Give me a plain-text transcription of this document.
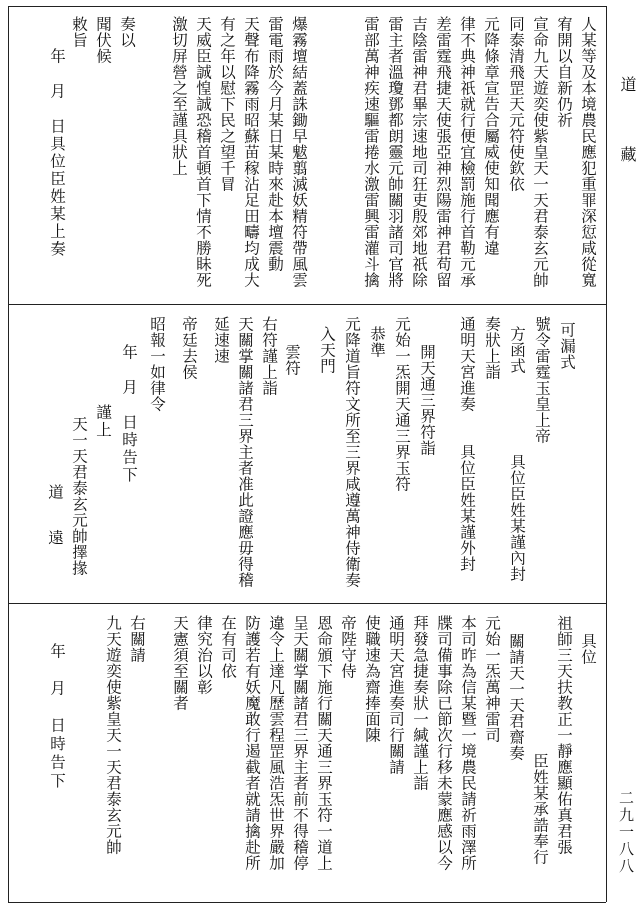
人某等及本境農民應犯重罪深愆咸從寬
宥開以自新仍祈
宣命九天遊奕使紫皇天一天君泰玄元帥
同泰清飛罡天元符使欽依
元降條章宣告合屬威使知聞應有違
律不典神祇就行便宜檢罰施行首勒元承
差雷霆飛捷天使張亞神烈陽雷神君苟留
吉陰雷神君畢宗速地司狂吏殷郊地祇除
雷主者溫瓊鄧都朗靈元帥關羽諸司官將
雷部萬神疾速驅雷捲水激雷興雷灌斗擒
爆霧壇結蓋誅鋤早魃翦滅妖精符帶風雲
雷電雨於今月某日某時來赴本壇震動
天聲布降霧雨昭蘇苗稼沾足田疇均成大
有之年以慰下民之望千冒
天威臣誠惶誠恐稽首頓首下情不勝眛死
激切屏營之至謹具狀上
奏以
聞伏候
敕旨
年　月　日具位臣姓某上奏
可漏式
號令雷霆玉皇上帝
方函式
具位臣姓某謹內封
奏狀上詣
通明天宮進奏
具位臣姓某謹外封
開天通三界符詣
元始一炁開天通三界玉符
恭準
元降道旨符文所至三界咸遵萬神侍衛奏
入天門
雲符
右符謹上詣
天關掌關諸君三界主者准此證應毋得稽
延速速
帝廷去侯
昭報一如律令
年　月　日時告下
謹上
天一天君泰玄元帥擇掾
道遠
具位
祖師三天扶教正一靜應顯佑真君張
臣姓某承誥奉行
關請天一天君齋奏
元始一炁萬神雷司
本司昨為信某暨一境農民請祈雨澤所
牒司備事除已節次行移未蒙應感以今
拜發急捷奏狀一緘謹上詣
通明天宮進奏司行關請
使職速為齋捧面陳
帝陛守侍
恩命頒下施行關天通三界玉符一道上
呈天關掌關諸君三界主者前不得稽停
違令上達凡歷雲程罡風浩炁世界嚴加
防護若有妖魔敢行遏截者就請擒赴所
在有司依
律究治以彰
天憲須至關者
右關請
九天遊奕使紫皇天一天君泰玄元帥
年　月　日時告下
道
藏
二九一八八
